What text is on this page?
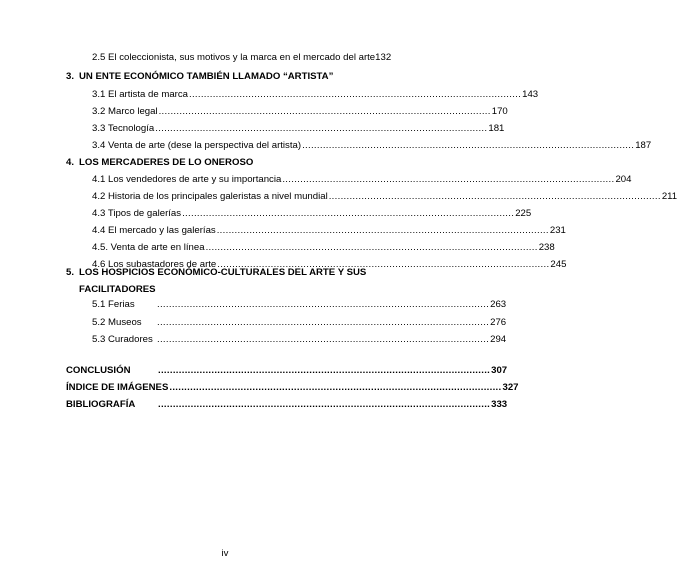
2.5 El coleccionista, sus motivos y la marca en el mercado del arte 132
3. UN ENTE ECONÓMICO TAMBIÉN LLAMADO “ARTISTA”
3.1 El artista de marca ................................................................................................................ 143
3.2 Marco legal ................................................................................................................ 170
3.3 Tecnología ................................................................................................................ 181
3.4 Venta de arte (dese la perspectiva del artista) ................................................................................................................ 187
4. LOS MERCADERES DE LO ONEROSO
4.1 Los vendedores de arte y su importancia ................................................................................................................ 204
4.2 Historia de los principales galeristas a nivel mundial ................................................................................................................ 211
4.3 Tipos de galerías ................................................................................................................ 225
4.4 El mercado y las galerías ................................................................................................................ 231
4.5. Venta de arte en línea ................................................................................................................ 238
4.6 Los subastadores de arte ................................................................................................................ 245
5. LOS HOSPICIOS ECONÓMICO-CULTURALES DEL ARTE Y SUS
FACILITADORES
5.1 Ferias	................................................................................................................ 263
5.2 Museos	................................................................................................................ 276
5.3 Curadores ................................................................................................................ 294
CONCLUSIÓN	................................................................................................................ 307
ÍNDICE DE IMÁGENES ................................................................................................................ 327
BIBLIOGRAFÍA	................................................................................................................ 333
iv
